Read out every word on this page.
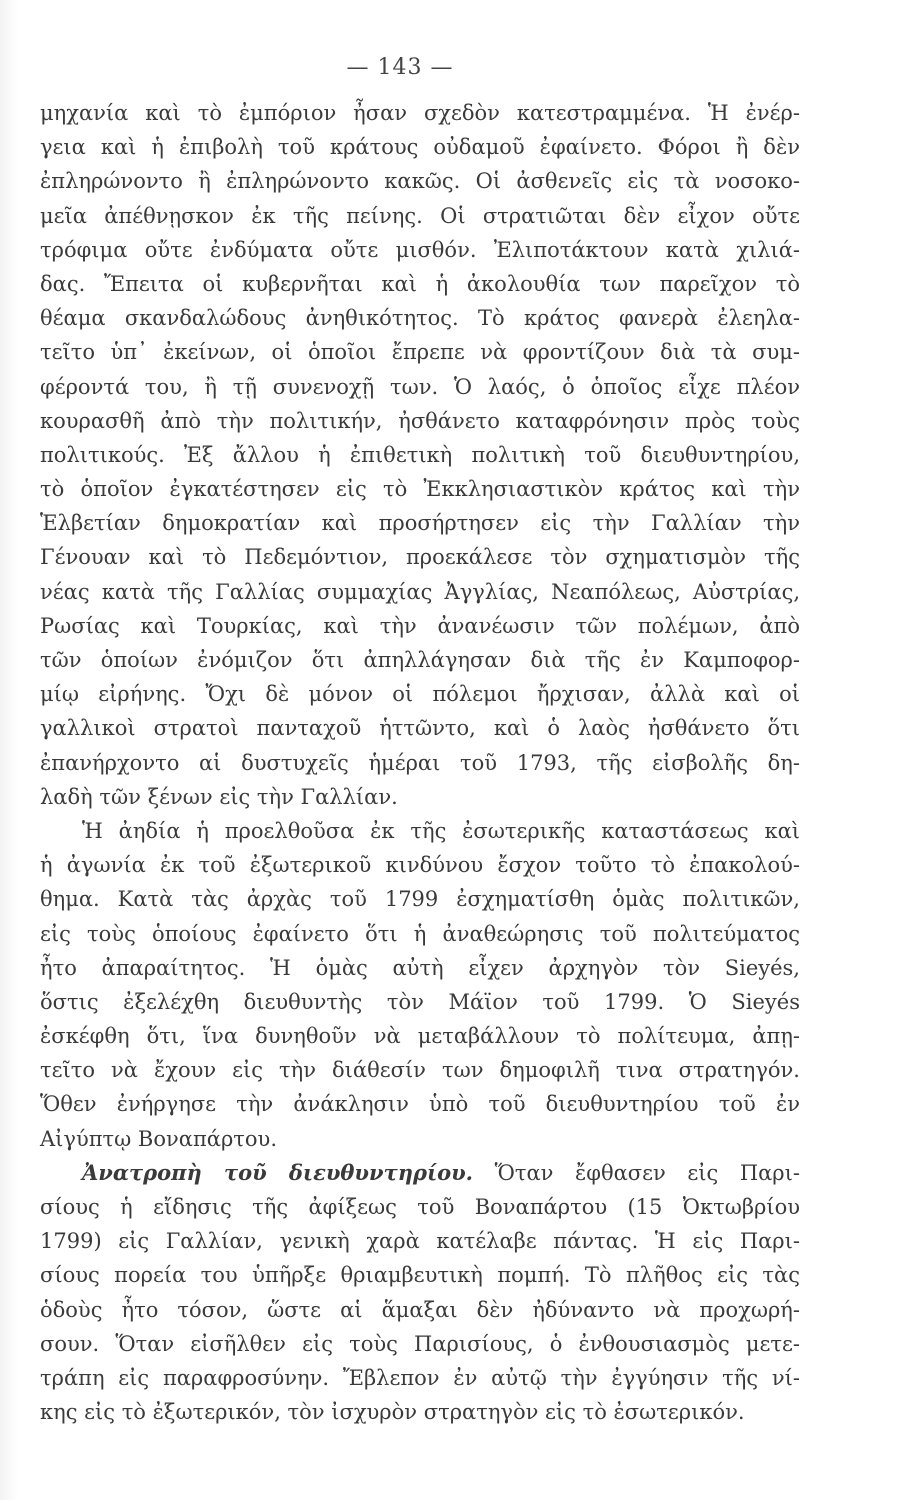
— 143 —
μηχανία καὶ τὸ ἐμπόριον ἦσαν σχεδὸν κατεστραμμένα. Ἡ ἐνέρ-
γεια καὶ ἡ ἐπιβολὴ τοῦ κράτους οὐδαμοῦ ἐφαίνετο. Φόροι ἢ δὲν
ἐπληρώνοντο ἢ ἐπληρώνοντο κακῶς. Οἱ ἀσθενεῖς εἰς τὰ νοσοκο-
μεῖα ἀπέθνῃσκον ἐκ τῆς πείνης. Οἱ στρατιῶται δὲν εἶχον οὔτε
τρόφιμα οὔτε ἐνδύματα οὔτε μισθόν. Ἐλιποτάκτουν κατὰ χιλιά-
δας. Ἔπειτα οἱ κυβερνῆται καὶ ἡ ἀκολουθία των παρεῖχον τὸ
θέαμα σκανδαλώδους ἀνηθικότητος. Τὸ κράτος φανερὰ ἐλεηλα-
τεῖτο ὑπ᾽ ἐκείνων, οἱ ὁποῖοι ἔπρεπε νὰ φροντίζουν διὰ τὰ συμ-
φέροντά του, ἢ τῇ συνενοχῇ των. Ὁ λαός, ὁ ὁποῖος εἶχε πλέον
κουρασθῆ ἀπὸ τὴν πολιτικήν, ἠσθάνετο καταφρόνησιν πρὸς τοὺς
πολιτικούς. Ἐξ ἄλλου ἡ ἐπιθετικὴ πολιτικὴ τοῦ διευθυντηρίου,
τὸ ὁποῖον ἐγκατέστησεν εἰς τὸ Ἐκκλησιαστικὸν κράτος καὶ τὴν
Ἑλβετίαν δημοκρατίαν καὶ προσήρτησεν εἰς τὴν Γαλλίαν τὴν
Γένουαν καὶ τὸ Πεδεμόντιον, προεκάλεσε τὸν σχηματισμὸν τῆς
νέας κατὰ τῆς Γαλλίας συμμαχίας Ἀγγλίας, Νεαπόλεως, Αὐστρίας,
Ρωσίας καὶ Τουρκίας, καὶ τὴν ἀνανέωσιν τῶν πολέμων, ἀπὸ
τῶν ὁποίων ἐνόμιζον ὅτι ἀπηλλάγησαν διὰ τῆς ἐν Καμποφορ-
μίῳ εἰρήνης. Ὄχι δὲ μόνον οἱ πόλεμοι ἤρχισαν, ἀλλὰ καὶ οἱ
γαλλικοὶ στρατοὶ πανταχοῦ ἡττῶντο, καὶ ὁ λαὸς ἠσθάνετο ὅτι
ἐπανήρχοντο αἱ δυστυχεῖς ἡμέραι τοῦ 1793, τῆς εἰσβολῆς δη-
λαδὴ τῶν ξένων εἰς τὴν Γαλλίαν.
Ἡ ἀηδία ἡ προελθοῦσα ἐκ τῆς ἐσωτερικῆς καταστάσεως καὶ
ἡ ἀγωνία ἐκ τοῦ ἐξωτερικοῦ κινδύνου ἔσχον τοῦτο τὸ ἐπακολού-
θημα. Κατὰ τὰς ἀρχὰς τοῦ 1799 ἐσχηματίσθη ὁμὰς πολιτικῶν,
εἰς τοὺς ὁποίους ἐφαίνετο ὅτι ἡ ἀναθεώρησις τοῦ πολιτεύματος
ἦτο ἀπαραίτητος. Ἡ ὁμὰς αὐτὴ εἶχεν ἀρχηγὸν τὸν Sieyés,
ὅστις ἐξελέχθη διευθυντὴς τὸν Μάϊον τοῦ 1799. Ὁ Sieyés
ἐσκέφθη ὅτι, ἵνα δυνηθοῦν νὰ μεταβάλλουν τὸ πολίτευμα, ἀπῃ-
τεῖτο νὰ ἔχουν εἰς τὴν διάθεσίν των δημοφιλῆ τινα στρατηγόν.
Ὅθεν ἐνήργησε τὴν ἀνάκλησιν ὑπὸ τοῦ διευθυντηρίου τοῦ ἐν
Αἰγύπτῳ Βοναπάρτου.
Ἀνατροπὴ τοῦ διευθυντηρίου. Ὅταν ἔφθασεν εἰς Παρι-
σίους ἡ εἴδησις τῆς ἀφίξεως τοῦ Βοναπάρτου (15 Ὀκτωβρίου
1799) εἰς Γαλλίαν, γενικὴ χαρὰ κατέλαβε πάντας. Ἡ εἰς Παρι-
σίους πορεία του ὑπῆρξε θριαμβευτικὴ πομπή. Τὸ πλῆθος εἰς τὰς
ὁδοὺς ἦτο τόσον, ὥστε αἱ ἅμαξαι δὲν ἠδύναντο νὰ προχωρή-
σουν. Ὅταν εἰσῆλθεν εἰς τοὺς Παρισίους, ὁ ἐνθουσιασμὸς μετε-
τράπη εἰς παραφροσύνην. Ἔβλεπον ἐν αὐτῷ τὴν ἐγγύησιν τῆς νί-
κης εἰς τὸ ἐξωτερικόν, τὸν ἰσχυρὸν στρατηγὸν εἰς τὸ ἐσωτερικόν.
